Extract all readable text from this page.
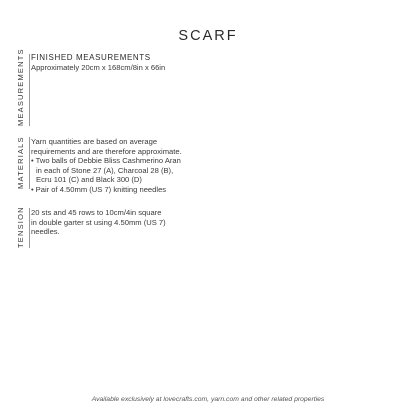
SCARF
MEASUREMENTS FINISHED MEASUREMENTS
Approximately 20cm x 168cm/8in x 66in
MATERIALS Yarn quantities are based on average
requirements and are therefore approximate.
• Two balls of Debbie Bliss Cashmerino Aran
in each of Stone 27 (A), Charcoal 28 (B),
Ecru 101 (C) and Black 300 (D)
• Pair of 4.50mm (US 7) knitting needles
TENSION 20 sts and 45 rows to 10cm/4in square
in double garter st using 4.50mm (US 7)
needles.
Available exclusively at lovecrafts.com, yarn.com and other related properties
